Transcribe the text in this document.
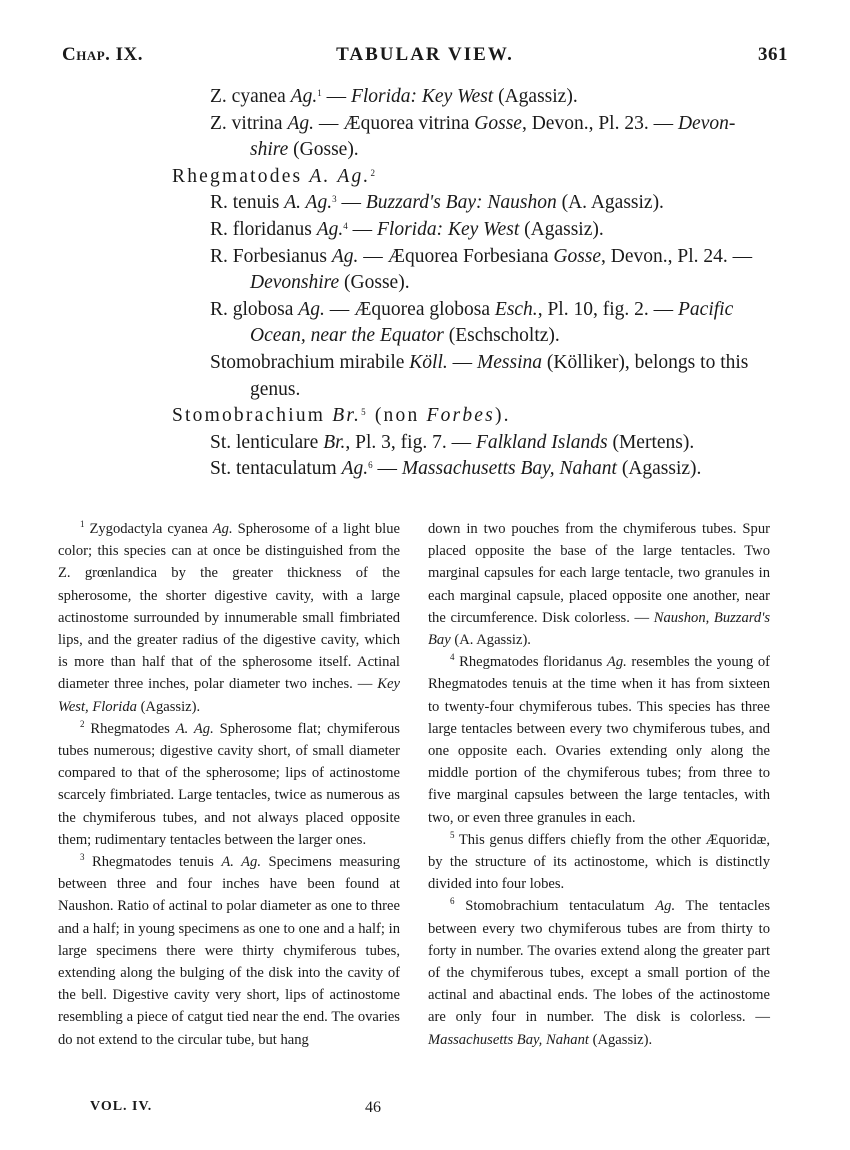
TABULAR VIEW.
Chap. IX.	361
Z. cyanea Ag.$^1$ — Florida: Key West (Agassiz).
Z. vitrina Ag. — Æquorea vitrina Gosse, Devon., Pl. 23. — Devon-
shire (Gosse).
Rhegmatodes A. Ag.$^2$
R. tenuis A. Ag.$^3$ — Buzzard's Bay: Naushon (A. Agassiz).
R. floridanus Ag.$^4$ — Florida: Key West (Agassiz).
R. Forbesianus Ag. — Æquorea Forbesiana Gosse, Devon., Pl. 24. —
Devonshire (Gosse).
R. globosa Ag. — Æquorea globosa Esch., Pl. 10, fig. 2. — Pacific
Ocean, near the Equator (Eschscholtz).
Stomobrachium mirabile Köll. — Messina (Kölliker), belongs to this
genus.
Stomobrachium Br.$^5$ (non Forbes).
St. lenticulare Br., Pl. 3, fig. 7. — Falkland Islands (Mertens).
St. tentaculatum Ag.$^6$ — Massachusetts Bay, Nahant (Agassiz).

$^1$ Zygodactyla cyanea Ag. Spherosome of a light blue color; this species can at once be distinguished from the Z. grœnlandica by the greater thickness of the spherosome, the shorter digestive cavity, with a large actinostome surrounded by innumerable small fimbriated lips, and the greater radius of the digestive cavity, which is more than half that of the spherosome itself. Actinal diameter three inches, polar diameter two inches. — Key West, Florida (Agassiz).

$^2$ Rhegmatodes A. Ag. Spherosome flat; chymiferous tubes numerous; digestive cavity short, of small diameter compared to that of the spherosome; lips of actinostome scarcely fimbriated. Large tentacles, twice as numerous as the chymiferous tubes, and not always placed opposite them; rudimentary tentacles between the larger ones.

$^3$ Rhegmatodes tenuis A. Ag. Specimens measuring between three and four inches have been found at Naushon. Ratio of actinal to polar diameter as one to three and a half; in young specimens as one to one and a half; in large specimens there were thirty chymiferous tubes, extending along the bulging of the disk into the cavity of the bell. Digestive cavity very short, lips of actinostome resembling a piece of catgut tied near the end. The ovaries do not extend to the circular tube, but hang

down in two pouches from the chymiferous tubes. Spur placed opposite the base of the large tentacles. Two marginal capsules for each large tentacle, two granules in each marginal capsule, placed opposite one another, near the circumference. Disk colorless. — Naushon, Buzzard's Bay (A. Agassiz).

$^4$ Rhegmatodes floridanus Ag. resembles the young of Rhegmatodes tenuis at the time when it has from sixteen to twenty-four chymiferous tubes. This species has three large tentacles between every two chymiferous tubes, and one opposite each. Ovaries extending only along the middle portion of the chymiferous tubes; from three to five marginal capsules between the large tentacles, with two, or even three granules in each.

$^5$ This genus differs chiefly from the other Æquoridæ, by the structure of its actinostome, which is distinctly divided into four lobes.

$^6$ Stomobrachium tentaculatum Ag. The tentacles between every two chymiferous tubes are from thirty to forty in number. The ovaries extend along the greater part of the chymiferous tubes, except a small portion of the actinal and abactinal ends. The lobes of the actinostome are only four in number. The disk is colorless. — Massachusetts Bay, Nahant (Agassiz).

VOL. IV.	46
